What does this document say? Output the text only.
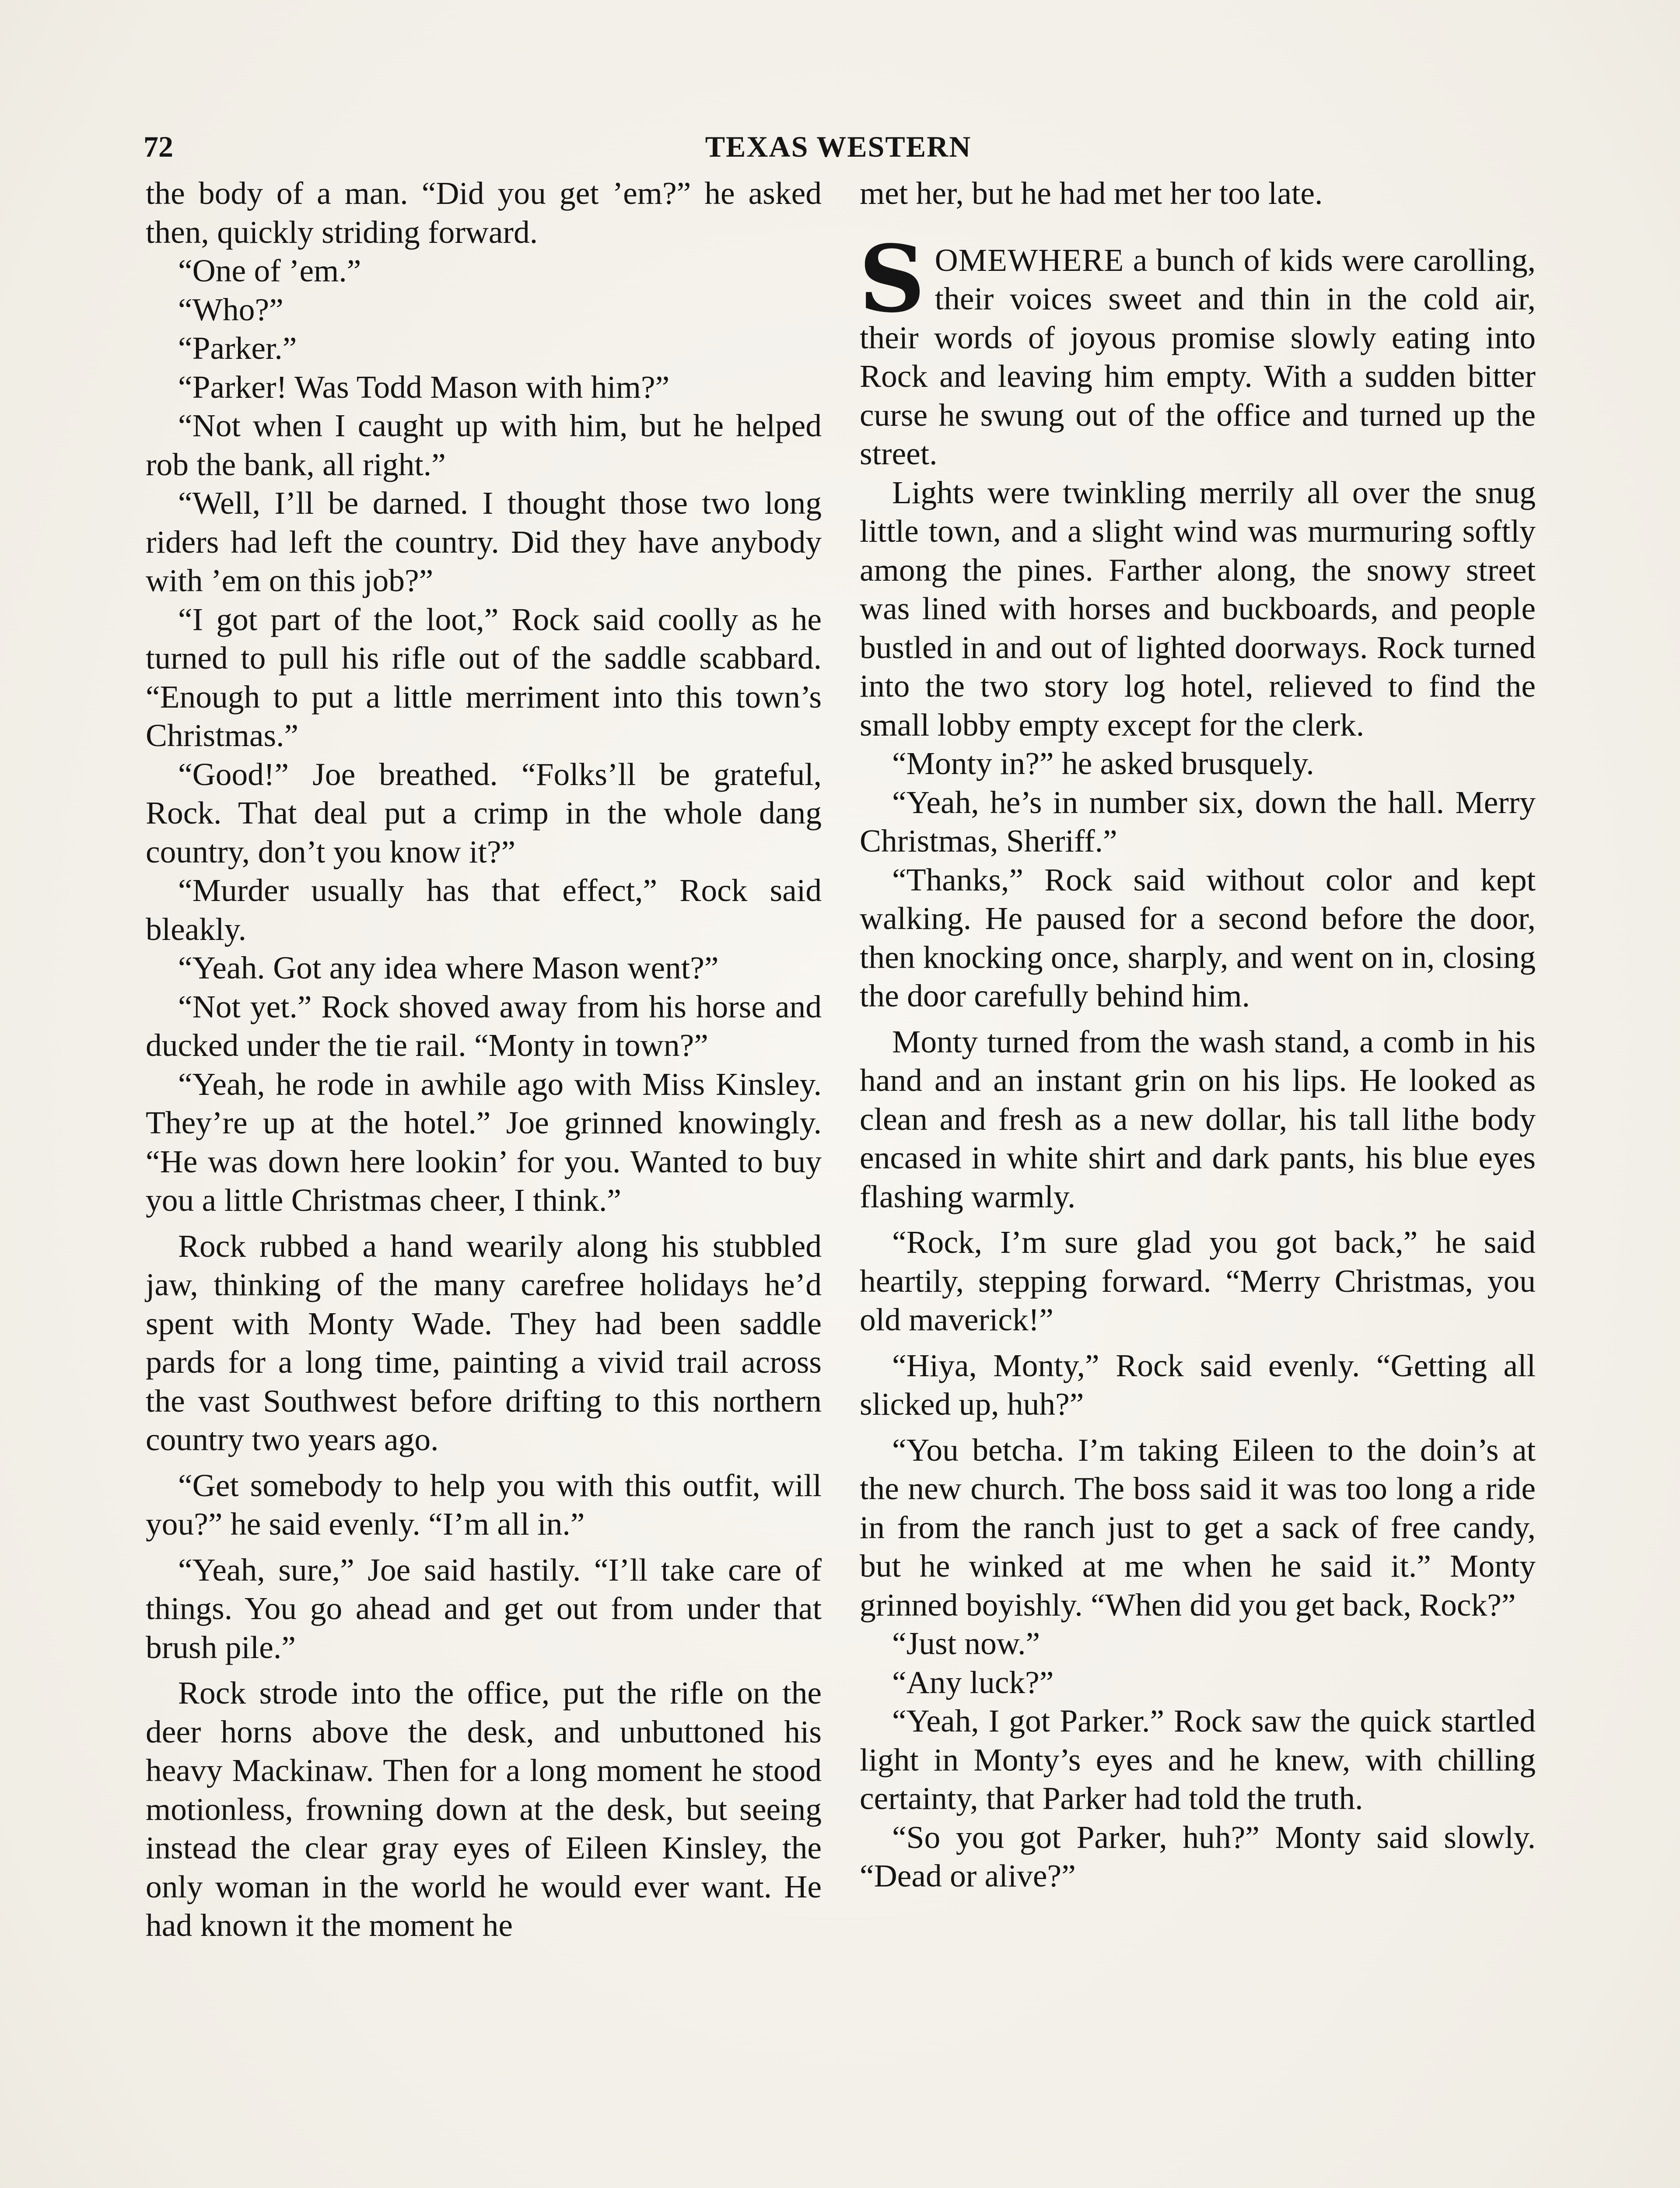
72	TEXAS WESTERN

the body of a man. “Did you get ’em?” he asked then, quickly striding forward.

“One of ’em.”

“Who?”

“Parker.”

“Parker! Was Todd Mason with him?”

“Not when I caught up with him, but he helped rob the bank, all right.”

“Well, I’ll be darned. I thought those two long riders had left the country. Did they have anybody with ’em on this job?”

“I got part of the loot,” Rock said coolly as he turned to pull his rifle out of the saddle scabbard. “Enough to put a little merriment into this town’s Christmas.”

“Good!” Joe breathed. “Folks’ll be grateful, Rock. That deal put a crimp in the whole dang country, don’t you know it?”

“Murder usually has that effect,” Rock said bleakly.

“Yeah. Got any idea where Mason went?”

“Not yet.” Rock shoved away from his horse and ducked under the tie rail. “Monty in town?”

“Yeah, he rode in awhile ago with Miss Kinsley. They’re up at the hotel.” Joe grinned knowingly. “He was down here lookin’ for you. Wanted to buy you a little Christmas cheer, I think.”

Rock rubbed a hand wearily along his stubbled jaw, thinking of the many carefree holidays he’d spent with Monty Wade. They had been saddle pards for a long time, painting a vivid trail across the vast Southwest before drifting to this northern country two years ago.

“Get somebody to help you with this outfit, will you?” he said evenly. “I’m all in.”

“Yeah, sure,” Joe said hastily. “I’ll take care of things. You go ahead and get out from under that brush pile.”

Rock strode into the office, put the rifle on the deer horns above the desk, and unbuttoned his heavy Mackinaw. Then for a long moment he stood motionless, frowning down at the desk, but seeing instead the clear gray eyes of Eileen Kinsley, the only woman in the world he would ever want. He had known it the moment he

met her, but he had met her too late.

SOMEWHERE a bunch of kids were carolling, their voices sweet and thin in the cold air, their words of joyous promise slowly eating into Rock and leaving him empty. With a sudden bitter curse he swung out of the office and turned up the street.

Lights were twinkling merrily all over the snug little town, and a slight wind was murmuring softly among the pines. Farther along, the snowy street was lined with horses and buckboards, and people bustled in and out of lighted doorways. Rock turned into the two story log hotel, relieved to find the small lobby empty except for the clerk.

“Monty in?” he asked brusquely.

“Yeah, he’s in number six, down the hall. Merry Christmas, Sheriff.”

“Thanks,” Rock said without color and kept walking. He paused for a second before the door, then knocking once, sharply, and went on in, closing the door carefully behind him.

Monty turned from the wash stand, a comb in his hand and an instant grin on his lips. He looked as clean and fresh as a new dollar, his tall lithe body encased in white shirt and dark pants, his blue eyes flashing warmly.

“Rock, I’m sure glad you got back,” he said heartily, stepping forward. “Merry Christmas, you old maverick!”

“Hiya, Monty,” Rock said evenly. “Getting all slicked up, huh?”

“You betcha. I’m taking Eileen to the doin’s at the new church. The boss said it was too long a ride in from the ranch just to get a sack of free candy, but he winked at me when he said it.” Monty grinned boyishly. “When did you get back, Rock?”

“Just now.”

“Any luck?”

“Yeah, I got Parker.” Rock saw the quick startled light in Monty’s eyes and he knew, with chilling certainty, that Parker had told the truth.

“So you got Parker, huh?” Monty said slowly. “Dead or alive?”
